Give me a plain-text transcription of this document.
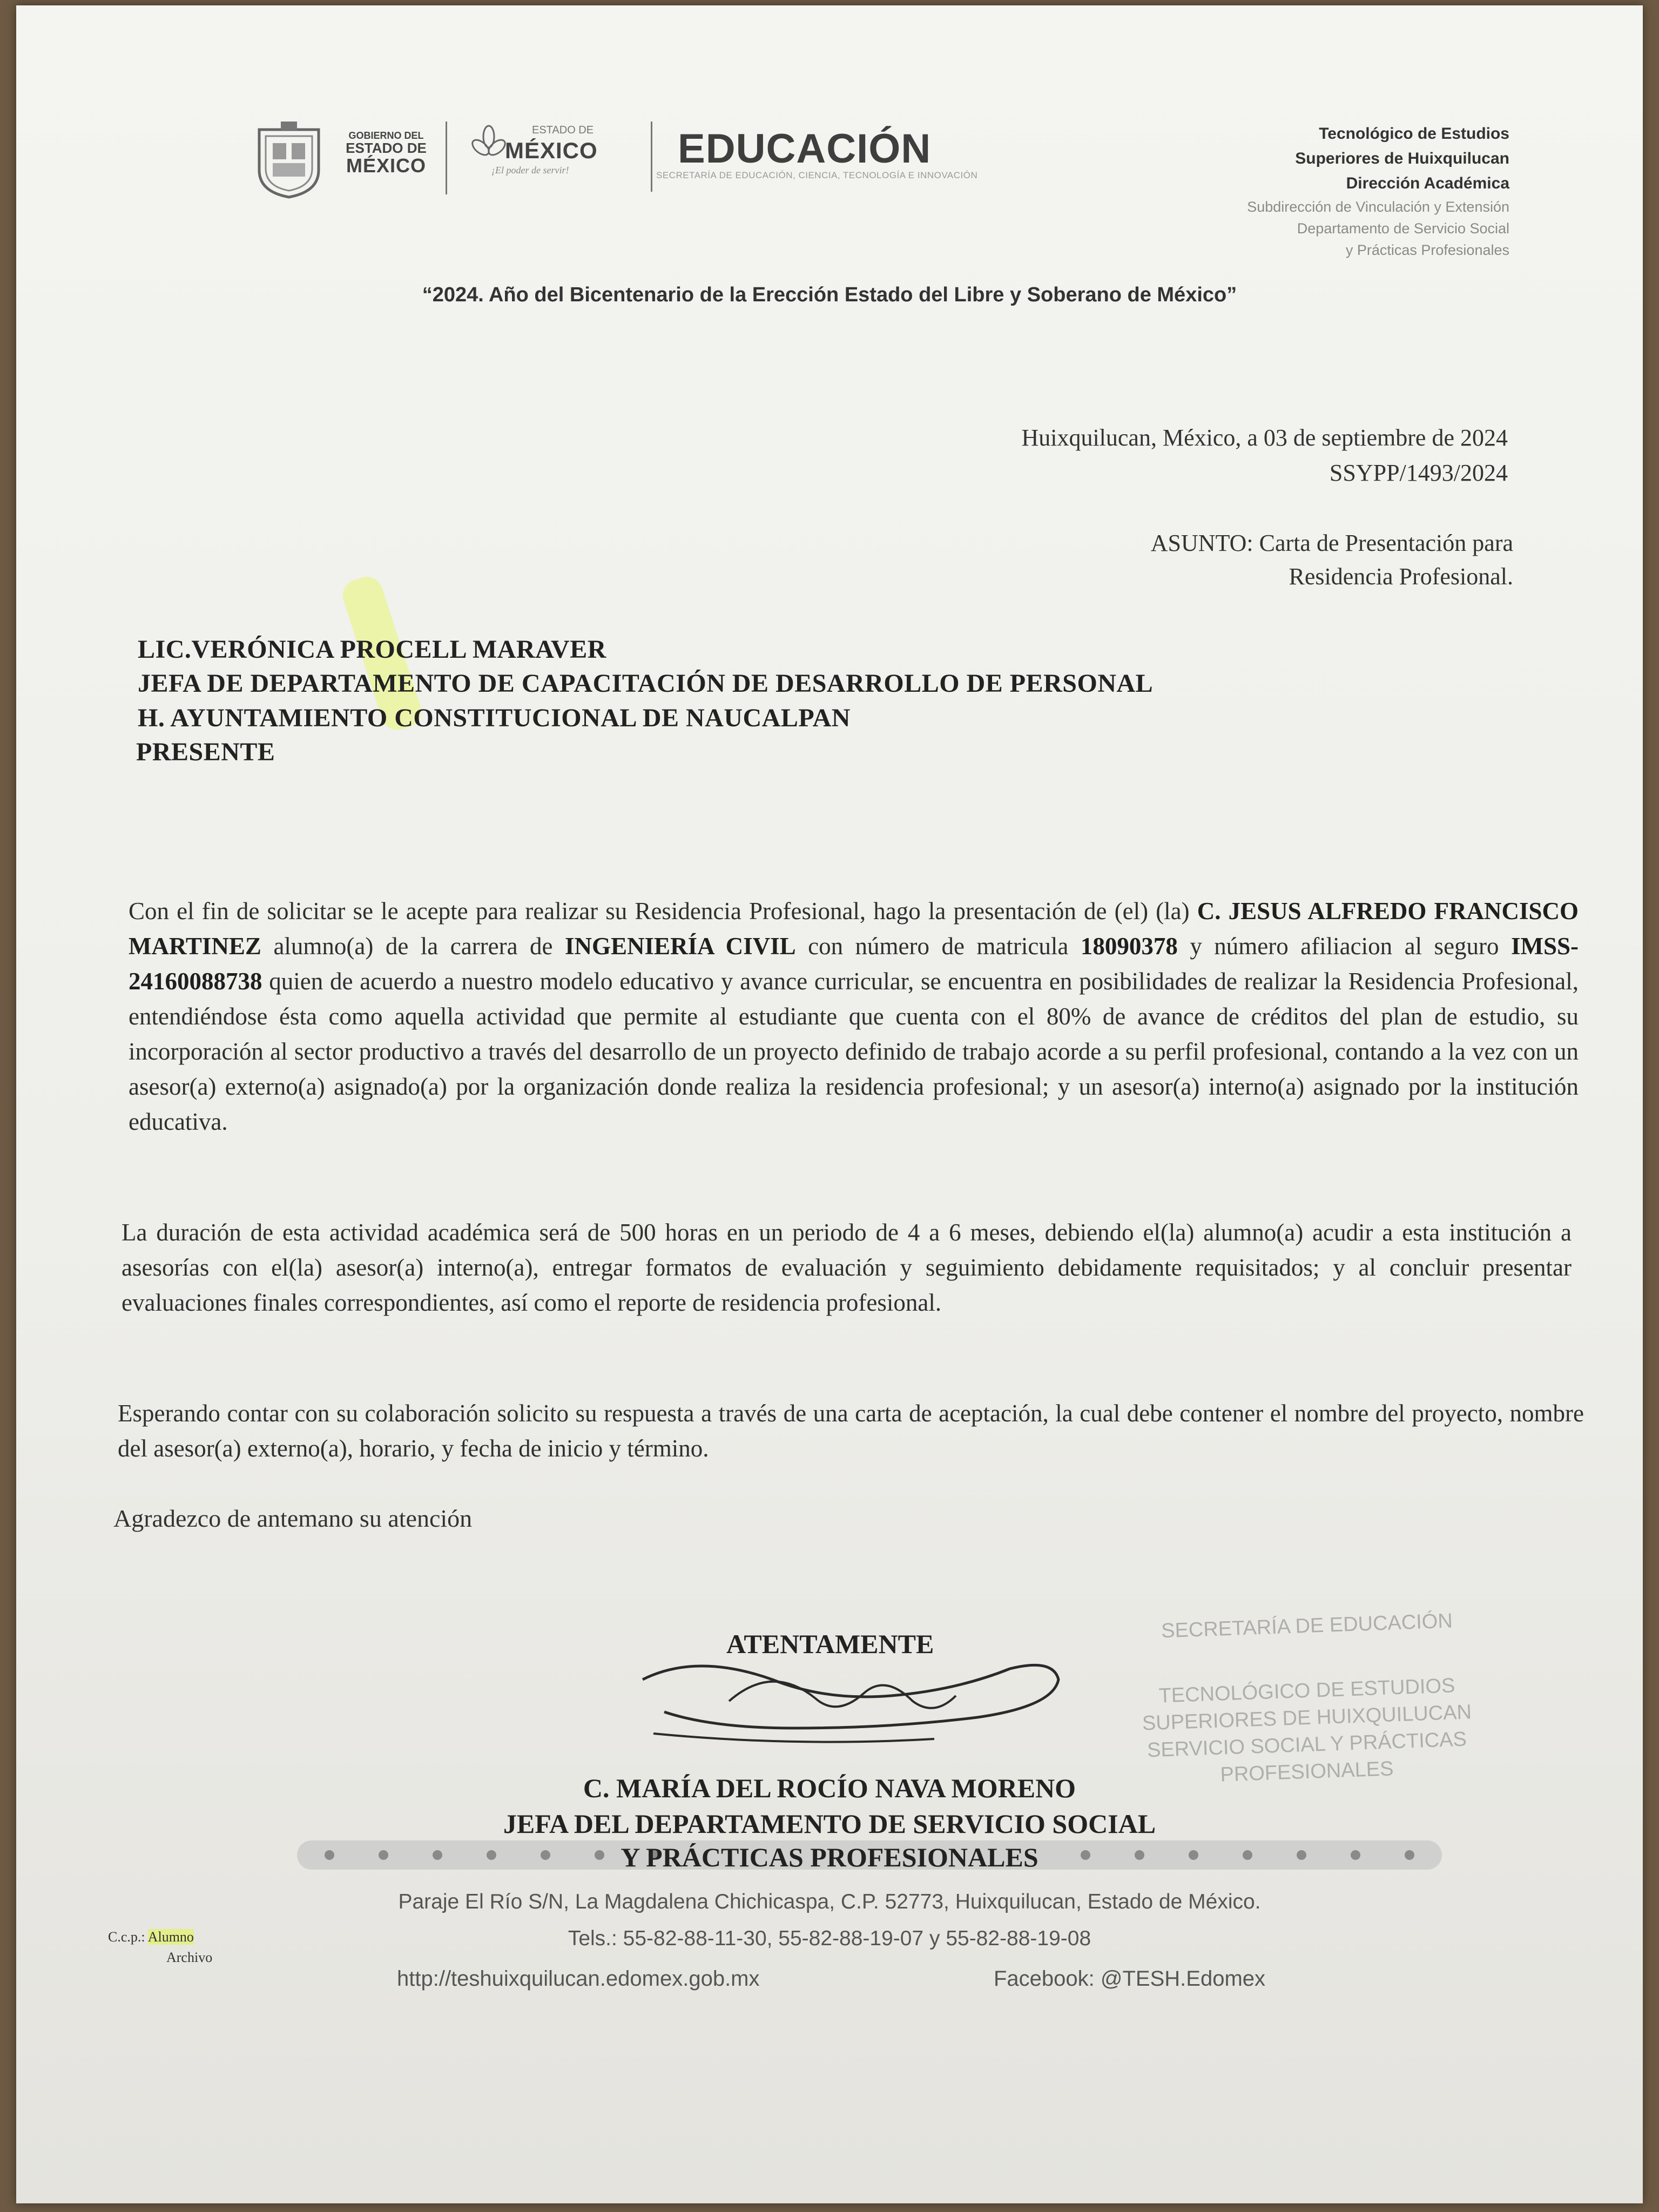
GOBIERNO DEL
ESTADO DE
MÉXICO
ESTADO DE
MÉXICO
¡El poder de servir!	EDUCACIÓN
SECRETARÍA DE EDUCACIÓN, CIENCIA, TECNOLOGÍA E INNOVACIÓN
Tecnológico de Estudios
Superiores de Huixquilucan
Dirección Académica
Subdirección de Vinculación y Extensión
Departamento de Servicio Social
y Prácticas Profesionales
“2024. Año del Bicentenario de la Erección Estado del Libre y Soberano de México”
Huixquilucan, México, a 03 de septiembre de 2024
SSYPP/1493/2024
ASUNTO: Carta de Presentación para
Residencia Profesional.
LIC.VERÓNICA PROCELL MARAVER
JEFA DE DEPARTAMENTO DE CAPACITACIÓN DE DESARROLLO DE PERSONAL
H. AYUNTAMIENTO CONSTITUCIONAL DE NAUCALPAN
PRESENTE
Con el fin de solicitar se le acepte para realizar su Residencia Profesional, hago la presentación de (el) (la) C. JESUS ALFREDO FRANCISCO MARTINEZ alumno(a) de la carrera de INGENIERÍA CIVIL con número de matricula 18090378 y número afiliacion al seguro IMSS-24160088738 quien de acuerdo a nuestro modelo educativo y avance curricular, se encuentra en posibilidades de realizar la Residencia Profesional, entendiéndose ésta como aquella actividad que permite al estudiante que cuenta con el 80% de avance de créditos del plan de estudio, su incorporación al sector productivo a través del desarrollo de un proyecto definido de trabajo acorde a su perfil profesional, contando a la vez con un asesor(a) externo(a) asignado(a) por la organización donde realiza la residencia profesional; y un asesor(a) interno(a) asignado por la institución educativa.
La duración de esta actividad académica será de 500 horas en un periodo de 4 a 6 meses, debiendo el(la) alumno(a) acudir a esta institución a asesorías con el(la) asesor(a) interno(a), entregar formatos de evaluación y seguimiento debidamente requisitados; y al concluir presentar evaluaciones finales correspondientes, así como el reporte de residencia profesional.
Esperando contar con su colaboración solicito su respuesta a través de una carta de aceptación, la cual debe contener el nombre del proyecto, nombre del asesor(a) externo(a), horario, y fecha de inicio y término.
Agradezco de antemano su atención
SECRETARÍA DE EDUCACIÓN
TECNOLÓGICO DE ESTUDIOS
SUPERIORES DE HUIXQUILUCAN
SERVICIO SOCIAL Y PRÁCTICAS
PROFESIONALES
ATENTAMENTE
C. MARÍA DEL ROCÍO NAVA MORENO
JEFA DEL DEPARTAMENTO DE SERVICIO SOCIAL
Y PRÁCTICAS PROFESIONALES
Paraje El Río S/N, La Magdalena Chichicaspa, C.P. 52773, Huixquilucan, Estado de México.
Tels.: 55-82-88-11-30, 55-82-88-19-07 y 55-82-88-19-08
http://teshuixquilucan.edomex.gob.mx	Facebook: @TESH.Edomex
C.c.p.: Alumno
Archivo
